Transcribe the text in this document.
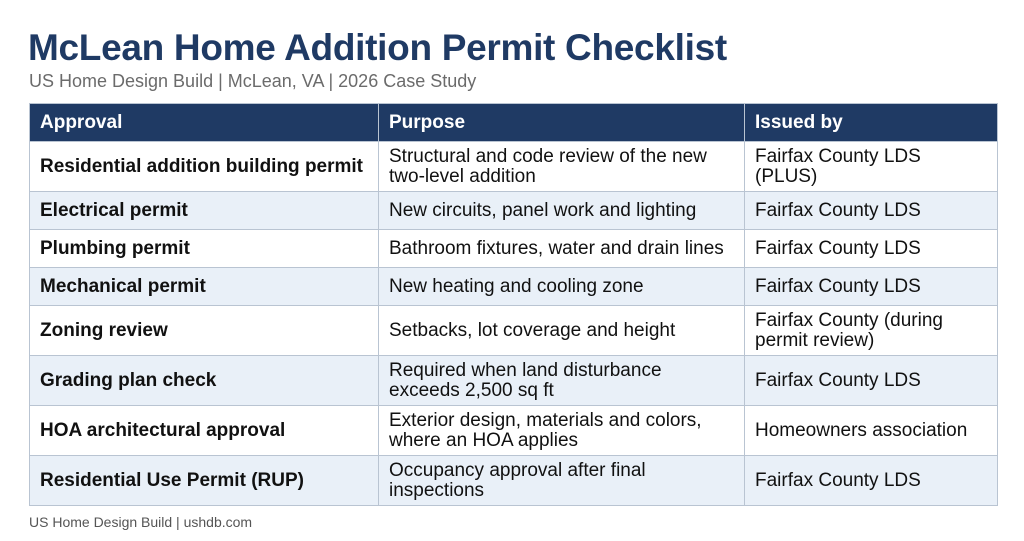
McLean Home Addition Permit Checklist
US Home Design Build | McLean, VA | 2026 Case Study
Approval	Purpose	Issued by
Residential addition building permit	Structural and code review of the new two-level addition	Fairfax County LDS (PLUS)
Electrical permit	New circuits, panel work and lighting	Fairfax County LDS
Plumbing permit	Bathroom fixtures, water and drain lines	Fairfax County LDS
Mechanical permit	New heating and cooling zone	Fairfax County LDS
Zoning review	Setbacks, lot coverage and height	Fairfax County (during permit review)
Grading plan check	Required when land disturbance exceeds 2,500 sq ft	Fairfax County LDS
HOA architectural approval	Exterior design, materials and colors, where an HOA applies	Homeowners association
Residential Use Permit (RUP)	Occupancy approval after final inspections	Fairfax County LDS
US Home Design Build | ushdb.com
